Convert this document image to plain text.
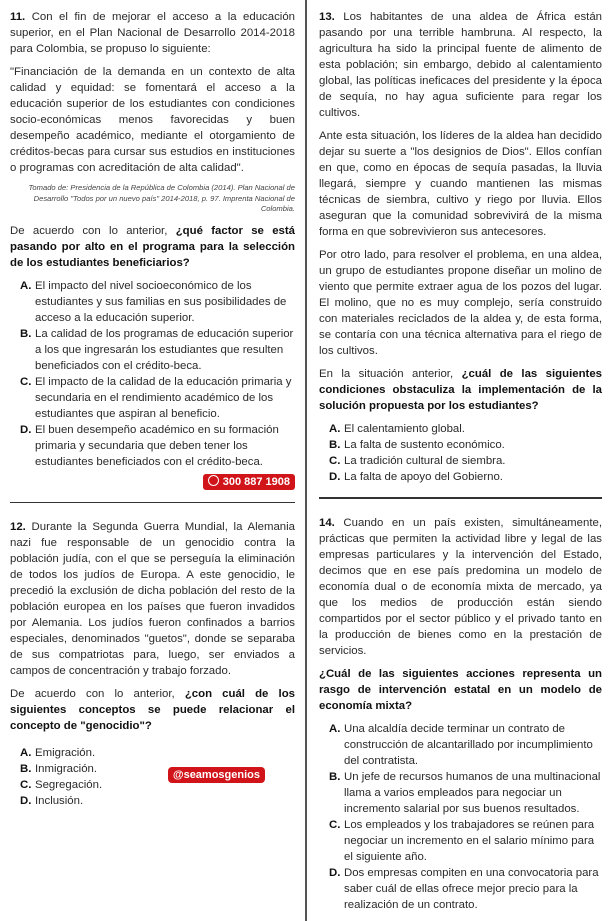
11. Con el fin de mejorar el acceso a la educación superior, en el Plan Nacional de Desarrollo 2014-2018 para Colombia, se propuso lo siguiente:

"Financiación de la demanda en un contexto de alta calidad y equidad: se fomentará el acceso a la educación superior de los estudiantes con condiciones socio-económicas menos favorecidas y buen desempeño académico, mediante el otorgamiento de créditos-becas para cursar sus estudios en instituciones o programas con acreditación de alta calidad".

Tomado de: Presidencia de la República de Colombia (2014). Plan Nacional de Desarrollo "Todos por un nuevo país" 2014-2018, p. 97. Imprenta Nacional de Colombia.

De acuerdo con lo anterior, ¿qué factor se está pasando por alto en el programa para la selección de los estudiantes beneficiarios?

A. El impacto del nivel socioeconómico de los estudiantes y sus familias en sus posibilidades de acceso a la educación superior.
B. La calidad de los programas de educación superior a los que ingresarán los estudiantes que resulten beneficiados con el crédito-beca.
C. El impacto de la calidad de la educación primaria y secundaria en el rendimiento académico de los estudiantes que aspiran al beneficio.
D. El buen desempeño académico en su formación primaria y secundaria que deben tener los estudiantes beneficiados con el crédito-beca.
300 887 1908

12. Durante la Segunda Guerra Mundial, la Alemania nazi fue responsable de un genocidio contra la población judía, con el que se perseguía la eliminación de todos los judíos de Europa. A este genocidio, le precedió la exclusión de dicha población del resto de la población europea en los países que fueron invadidos por Alemania. Los judíos fueron confinados a barrios especiales, denominados "guetos", donde se separaba de sus compatriotas para, luego, ser enviados a campos de concentración y trabajo forzado.

De acuerdo con lo anterior, ¿con cuál de los siguientes conceptos se puede relacionar el concepto de "genocidio"?

A. Emigración.
B. Inmigración.
C. Segregación.
D. Inclusión.
@seamosgenios

13. Los habitantes de una aldea de África están pasando por una terrible hambruna. Al respecto, la agricultura ha sido la principal fuente de alimento de esta población; sin embargo, debido al calentamiento global, las políticas ineficaces del presidente y la época de sequía, no hay agua suficiente para regar los cultivos.

Ante esta situación, los líderes de la aldea han decidido dejar su suerte a "los designios de Dios". Ellos confían en que, como en épocas de sequía pasadas, la lluvia llegará, siempre y cuando mantienen las mismas técnicas de siembra, cultivo y riego por lluvia. Ellos aseguran que la comunidad sobrevivirá de la misma forma en que sobrevivieron sus antecesores.

Por otro lado, para resolver el problema, en una aldea, un grupo de estudiantes propone diseñar un molino de viento que permite extraer agua de los pozos del lugar. El molino, que no es muy complejo, sería construido con materiales reciclados de la aldea y, de esta forma, se contaría con una técnica alternativa para el riego de los cultivos.

En la situación anterior, ¿cuál de las siguientes condiciones obstaculiza la implementación de la solución propuesta por los estudiantes?

A. El calentamiento global.
B. La falta de sustento económico.
C. La tradición cultural de siembra.
D. La falta de apoyo del Gobierno.

14. Cuando en un país existen, simultáneamente, prácticas que permiten la actividad libre y legal de las empresas particulares y la intervención del Estado, decimos que en ese país predomina un modelo de economía dual o de economía mixta de mercado, ya que los medios de producción están siendo compartidos por el sector público y el privado tanto en la producción de bienes como en la prestación de servicios.

¿Cuál de las siguientes acciones representa un rasgo de intervención estatal en un modelo de economía mixta?

A. Una alcaldía decide terminar un contrato de construcción de alcantarillado por incumplimiento del contratista.
B. Un jefe de recursos humanos de una multinacional llama a varios empleados para negociar un incremento salarial por sus buenos resultados.
C. Los empleados y los trabajadores se reúnen para negociar un incremento en el salario mínimo para el siguiente año.
D. Dos empresas compiten en una convocatoria para saber cuál de ellas ofrece mejor precio para la realización de un contrato.
